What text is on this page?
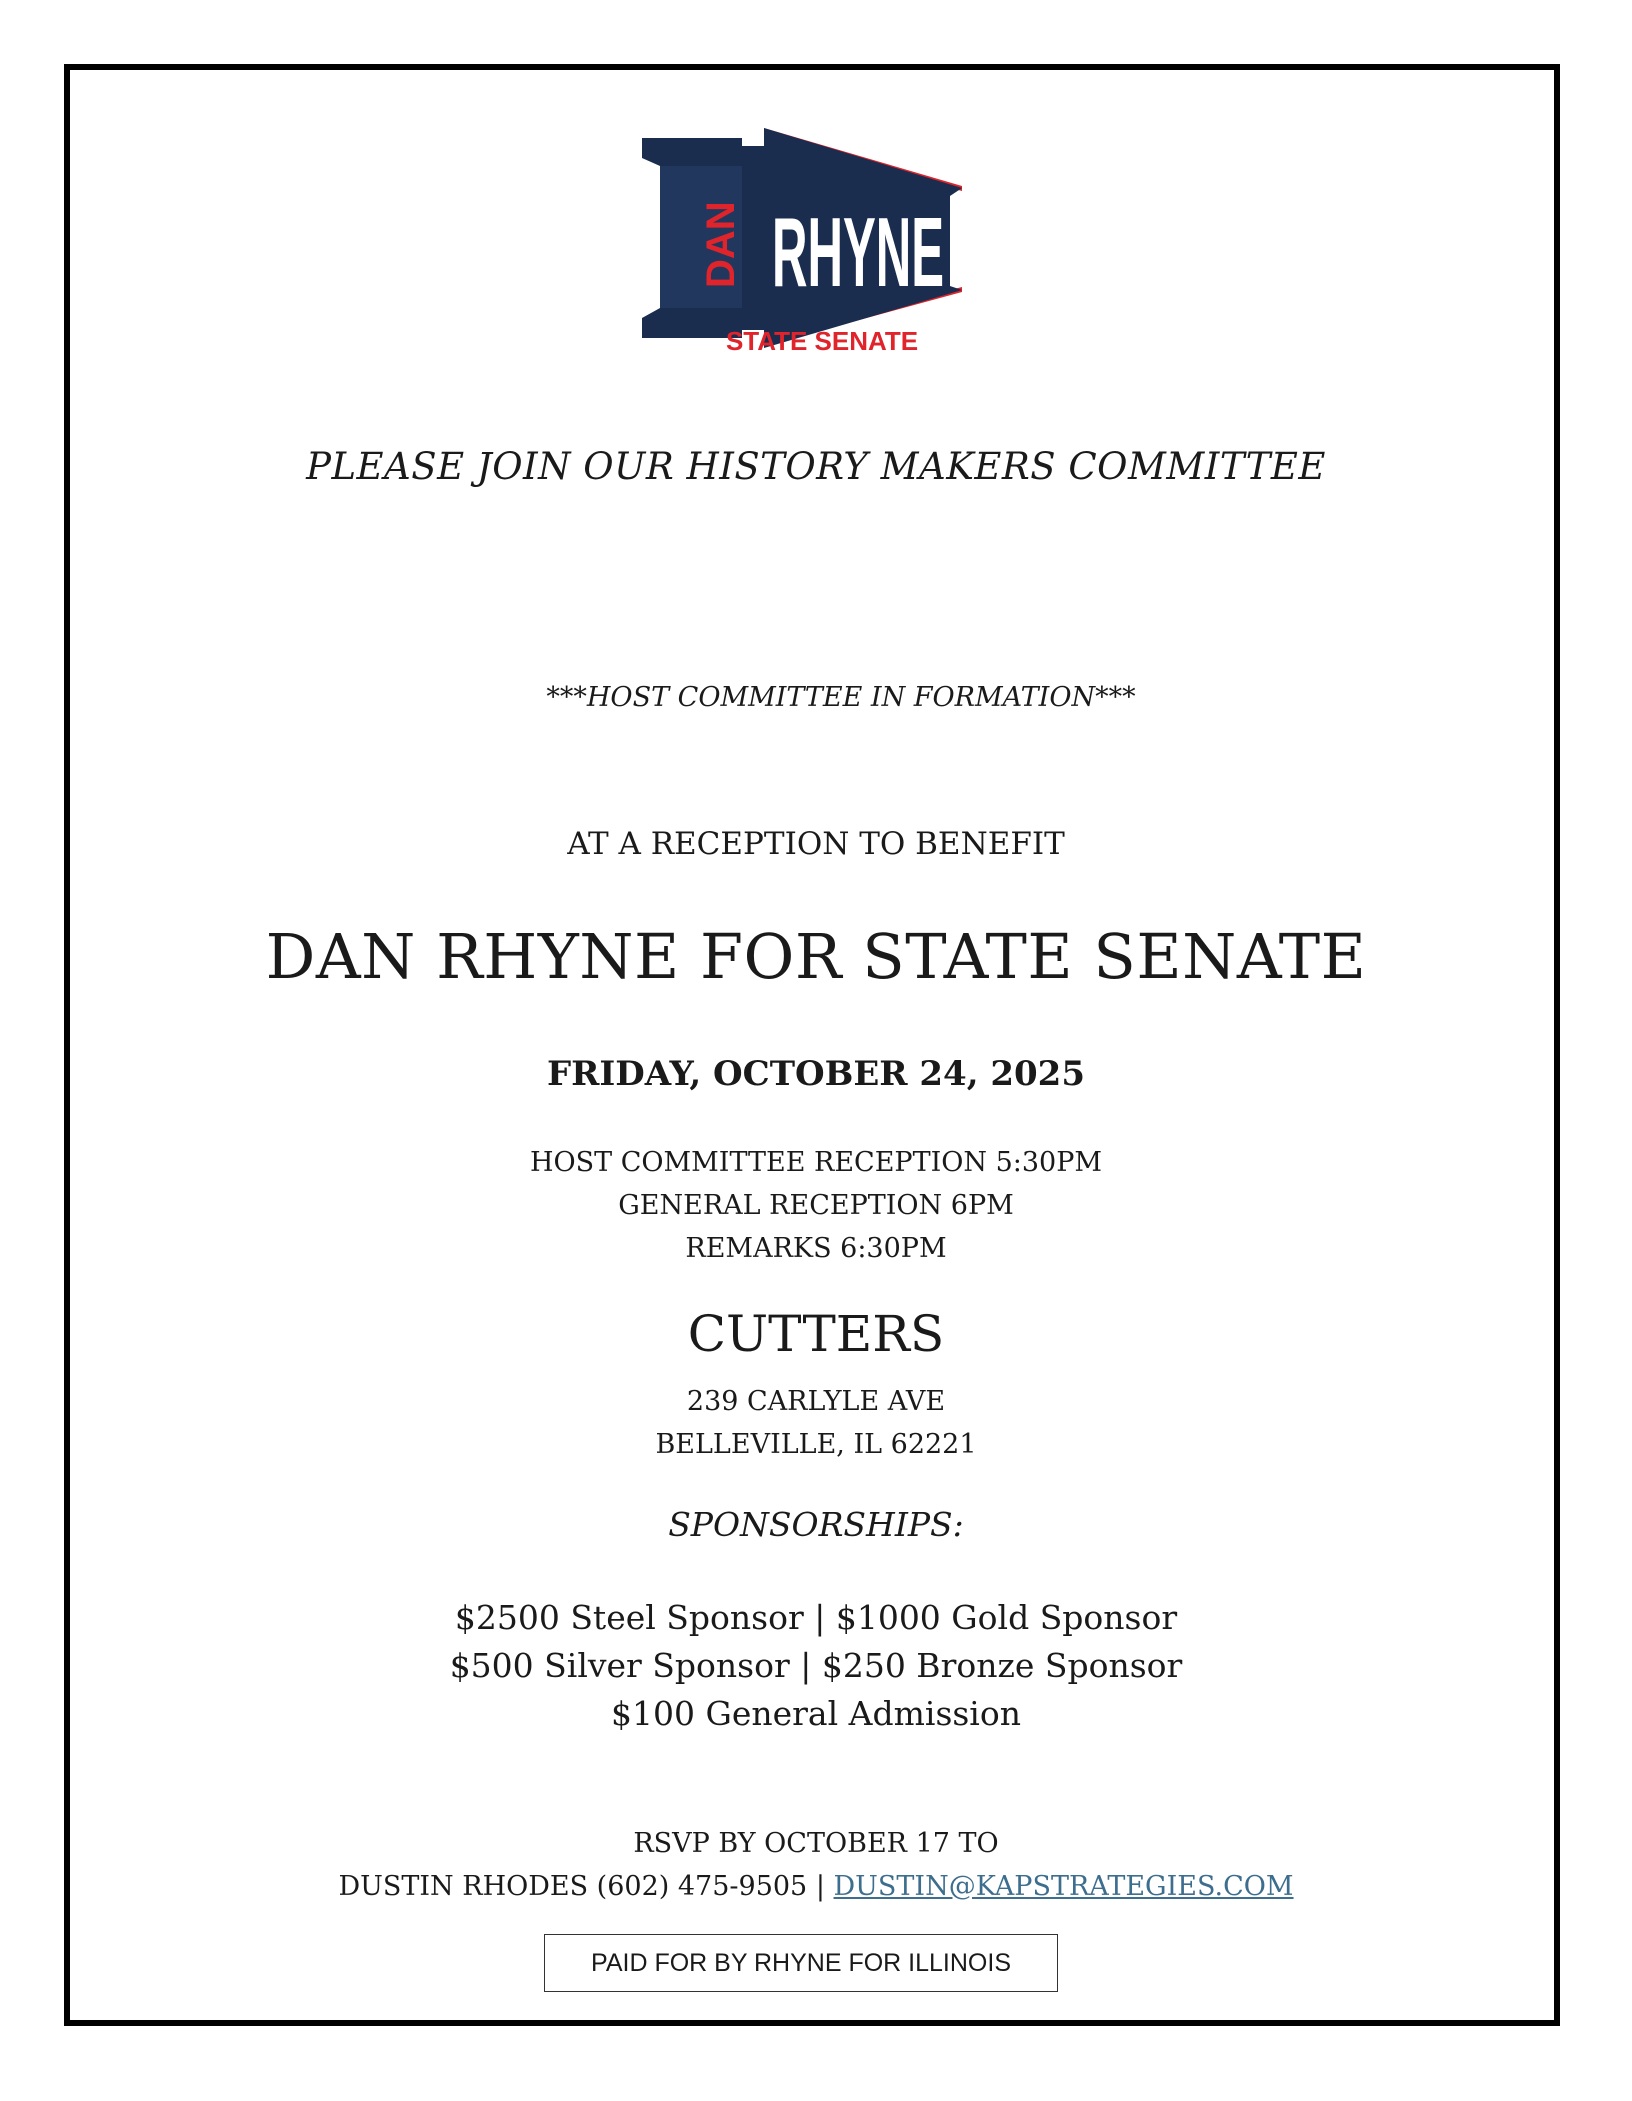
DAN RHYNE
STATE SENATE
PLEASE JOIN OUR HISTORY MAKERS COMMITTEE
***HOST COMMITTEE IN FORMATION***
AT A RECEPTION TO BENEFIT
DAN RHYNE FOR STATE SENATE
FRIDAY, OCTOBER 24, 2025
HOST COMMITTEE RECEPTION 5:30PM
GENERAL RECEPTION 6PM
REMARKS 6:30PM
CUTTERS
239 CARLYLE AVE
BELLEVILLE, IL 62221
SPONSORSHIPS:
$2500 Steel Sponsor | $1000 Gold Sponsor
$500 Silver Sponsor | $250 Bronze Sponsor
$100 General Admission
RSVP BY OCTOBER 17 TO
DUSTIN RHODES (602) 475-9505 | DUSTIN@KAPSTRATEGIES.COM
PAID FOR BY RHYNE FOR ILLINOIS
